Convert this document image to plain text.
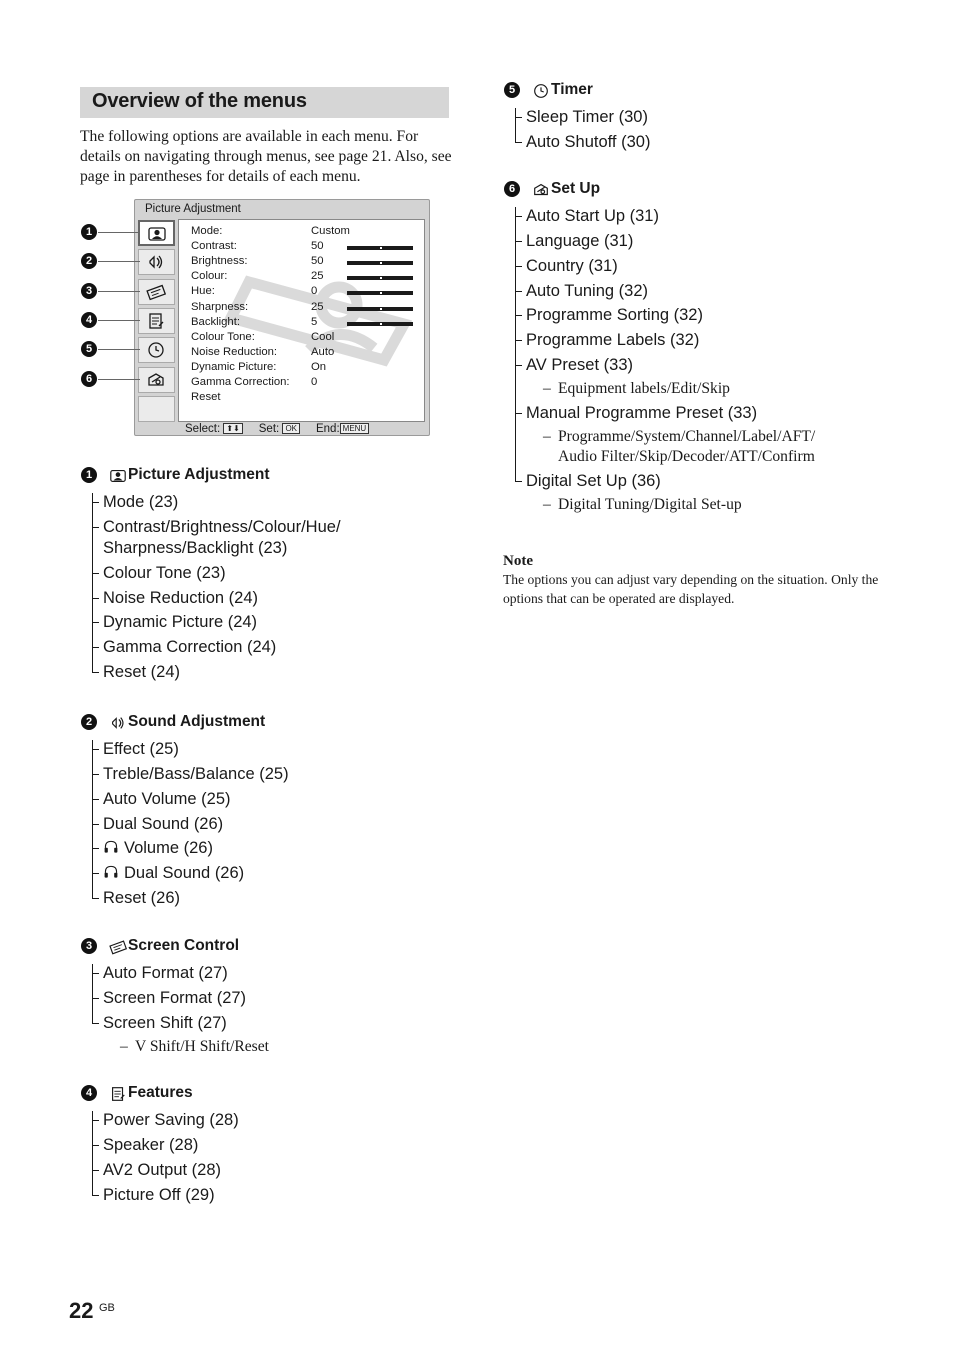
Overview of the menus
The following options are available in each menu. For details on navigating through menus, see page 21. Also, see page in parentheses for details of each menu.
Picture Adjustment
Mode:	Custom
Contrast:	50
Brightness:	50
Colour:	25
Hue:	0
Sharpness:	25
Backlight:	5
Colour Tone:	Cool
Noise Reduction:	Auto
Dynamic Picture:	On
Gamma Correction: 0
Reset
Select: ⬆⬇ Set: OK End: MENU
1
2
3
4
5
6
1	Picture Adjustment
Mode (23)
Contrast/Brightness/Colour/Hue/
Sharpness/Backlight (23)
Colour Tone (23)
Noise Reduction (24)
Dynamic Picture (24)
Gamma Correction (24)
Reset (24)
2	Sound Adjustment
Effect (25)
Treble/Bass/Balance (25)
Auto Volume (25)
Dual Sound (26)
Volume (26)
Dual Sound (26)
Reset (26)
3	Screen Control
Auto Format (27)
Screen Format (27)
Screen Shift (27)
– V Shift/H Shift/Reset
4	Features
Power Saving (28)
Speaker (28)
AV2 Output (28)
Picture Off (29)
5	Timer
Sleep Timer (30)
Auto Shutoff (30)
6	Set Up
Auto Start Up (31)
Language (31)
Country (31)
Auto Tuning (32)
Programme Sorting (32)
Programme Labels (32)
AV Preset (33)
– Equipment labels/Edit/Skip
Manual Programme Preset (33)
– Programme/System/Channel/Label/AFT/
Audio Filter/Skip/Decoder/ATT/Confirm
Digital Set Up (36)
– Digital Tuning/Digital Set-up
Note
The options you can adjust vary depending on the situation. Only the options that can be operated are displayed.
22 GB
